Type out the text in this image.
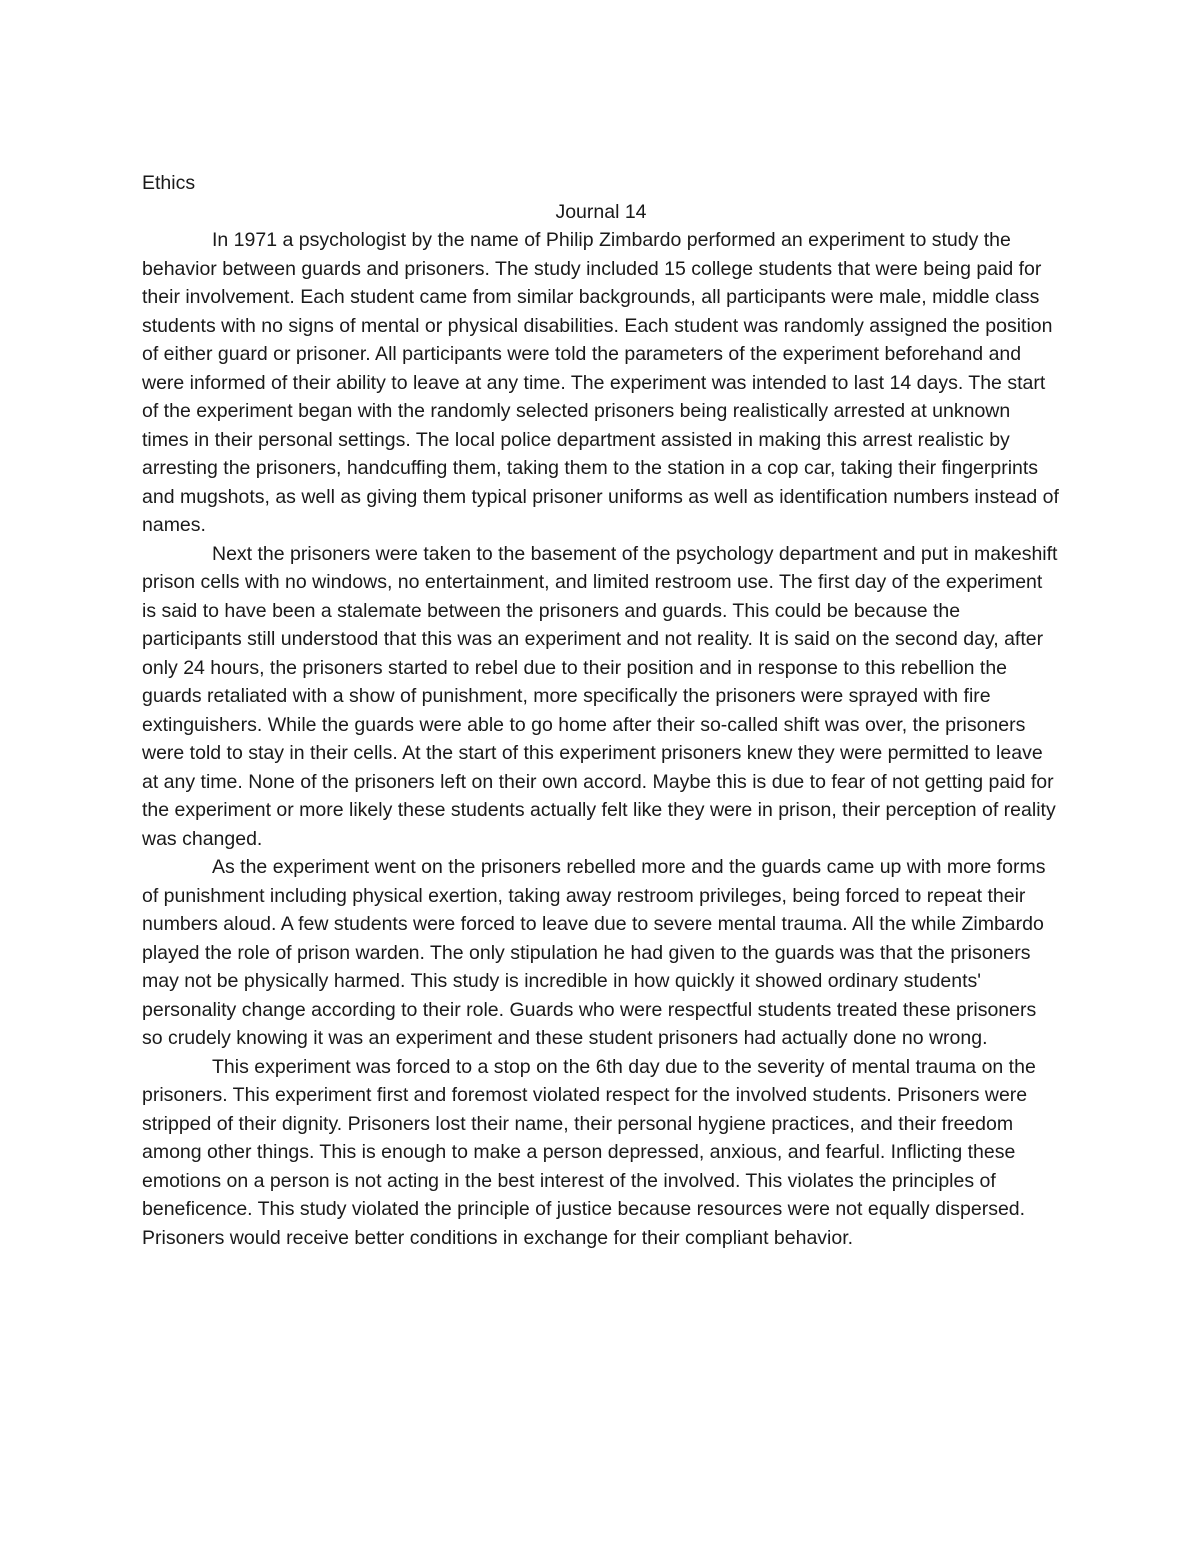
Ethics

Journal 14

In 1971 a psychologist by the name of Philip Zimbardo performed an experiment to study the behavior between guards and prisoners. The study included 15 college students that were being paid for their involvement. Each student came from similar backgrounds, all participants were male, middle class students with no signs of mental or physical disabilities. Each student was randomly assigned the position of either guard or prisoner. All participants were told the parameters of the experiment beforehand and were informed of their ability to leave at any time. The experiment was intended to last 14 days. The start of the experiment began with the randomly selected prisoners being realistically arrested at unknown times in their personal settings. The local police department assisted in making this arrest realistic by arresting the prisoners, handcuffing them, taking them to the station in a cop car, taking their fingerprints and mugshots, as well as giving them typical prisoner uniforms as well as identification numbers instead of names.

Next the prisoners were taken to the basement of the psychology department and put in makeshift prison cells with no windows, no entertainment, and limited restroom use. The first day of the experiment is said to have been a stalemate between the prisoners and guards. This could be because the participants still understood that this was an experiment and not reality. It is said on the second day, after only 24 hours, the prisoners started to rebel due to their position and in response to this rebellion the guards retaliated with a show of punishment, more specifically the prisoners were sprayed with fire extinguishers. While the guards were able to go home after their so-called shift was over, the prisoners were told to stay in their cells. At the start of this experiment prisoners knew they were permitted to leave at any time. None of the prisoners left on their own accord. Maybe this is due to fear of not getting paid for the experiment or more likely these students actually felt like they were in prison, their perception of reality was changed.

As the experiment went on the prisoners rebelled more and the guards came up with more forms of punishment including physical exertion, taking away restroom privileges, being forced to repeat their numbers aloud. A few students were forced to leave due to severe mental trauma. All the while Zimbardo played the role of prison warden. The only stipulation he had given to the guards was that the prisoners may not be physically harmed. This study is incredible in how quickly it showed ordinary students' personality change according to their role. Guards who were respectful students treated these prisoners so crudely knowing it was an experiment and these student prisoners had actually done no wrong.

This experiment was forced to a stop on the 6th day due to the severity of mental trauma on the prisoners. This experiment first and foremost violated respect for the involved students. Prisoners were stripped of their dignity. Prisoners lost their name, their personal hygiene practices, and their freedom among other things. This is enough to make a person depressed, anxious, and fearful. Inflicting these emotions on a person is not acting in the best interest of the involved. This violates the principles of beneficence. This study violated the principle of justice because resources were not equally dispersed. Prisoners would receive better conditions in exchange for their compliant behavior.
